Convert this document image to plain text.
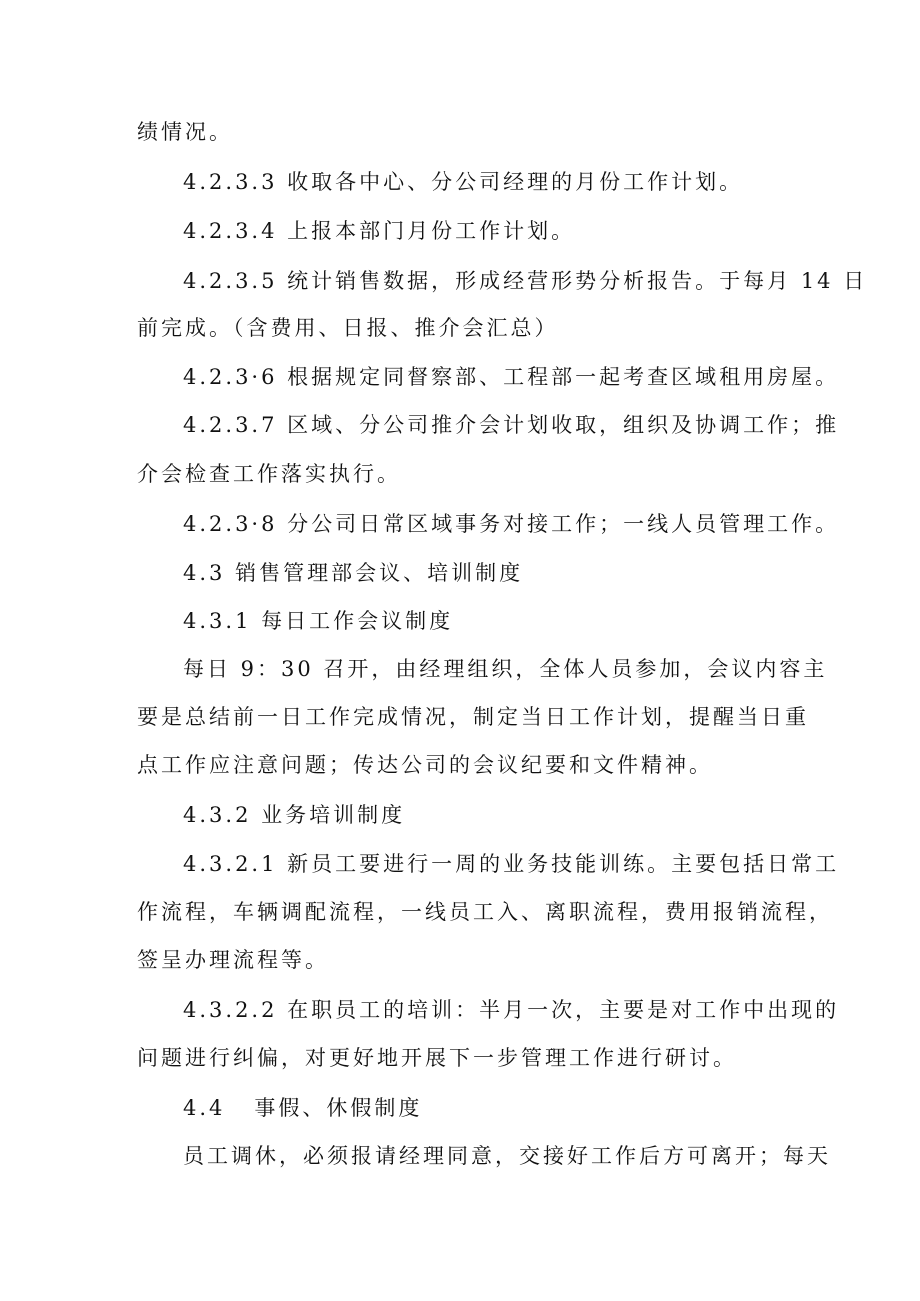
绩情况。
4.2.3.3 收取各中心、分公司经理的月份工作计划。
4.2.3.4 上报本部门月份工作计划。
4.2.3.5 统计销售数据，形成经营形势分析报告。于每月 14 日
前完成。（含费用、日报、推介会汇总）
4.2.3·6 根据规定同督察部、工程部一起考查区域租用房屋。
4.2.3.7 区域、分公司推介会计划收取，组织及协调工作；推
介会检查工作落实执行。
4.2.3·8 分公司日常区域事务对接工作；一线人员管理工作。
4.3 销售管理部会议、培训制度
4.3.1 每日工作会议制度
每日 9：30 召开，由经理组织，全体人员参加，会议内容主
要是总结前一日工作完成情况，制定当日工作计划，提醒当日重
点工作应注意问题；传达公司的会议纪要和文件精神。
4.3.2 业务培训制度
4.3.2.1 新员工要进行一周的业务技能训练。主要包括日常工
作流程，车辆调配流程，一线员工入、离职流程，费用报销流程，
签呈办理流程等。
4.3.2.2 在职员工的培训：半月一次，主要是对工作中出现的
问题进行纠偏，对更好地开展下一步管理工作进行研讨。
4.4   事假、休假制度
员工调休，必须报请经理同意，交接好工作后方可离开；每天
